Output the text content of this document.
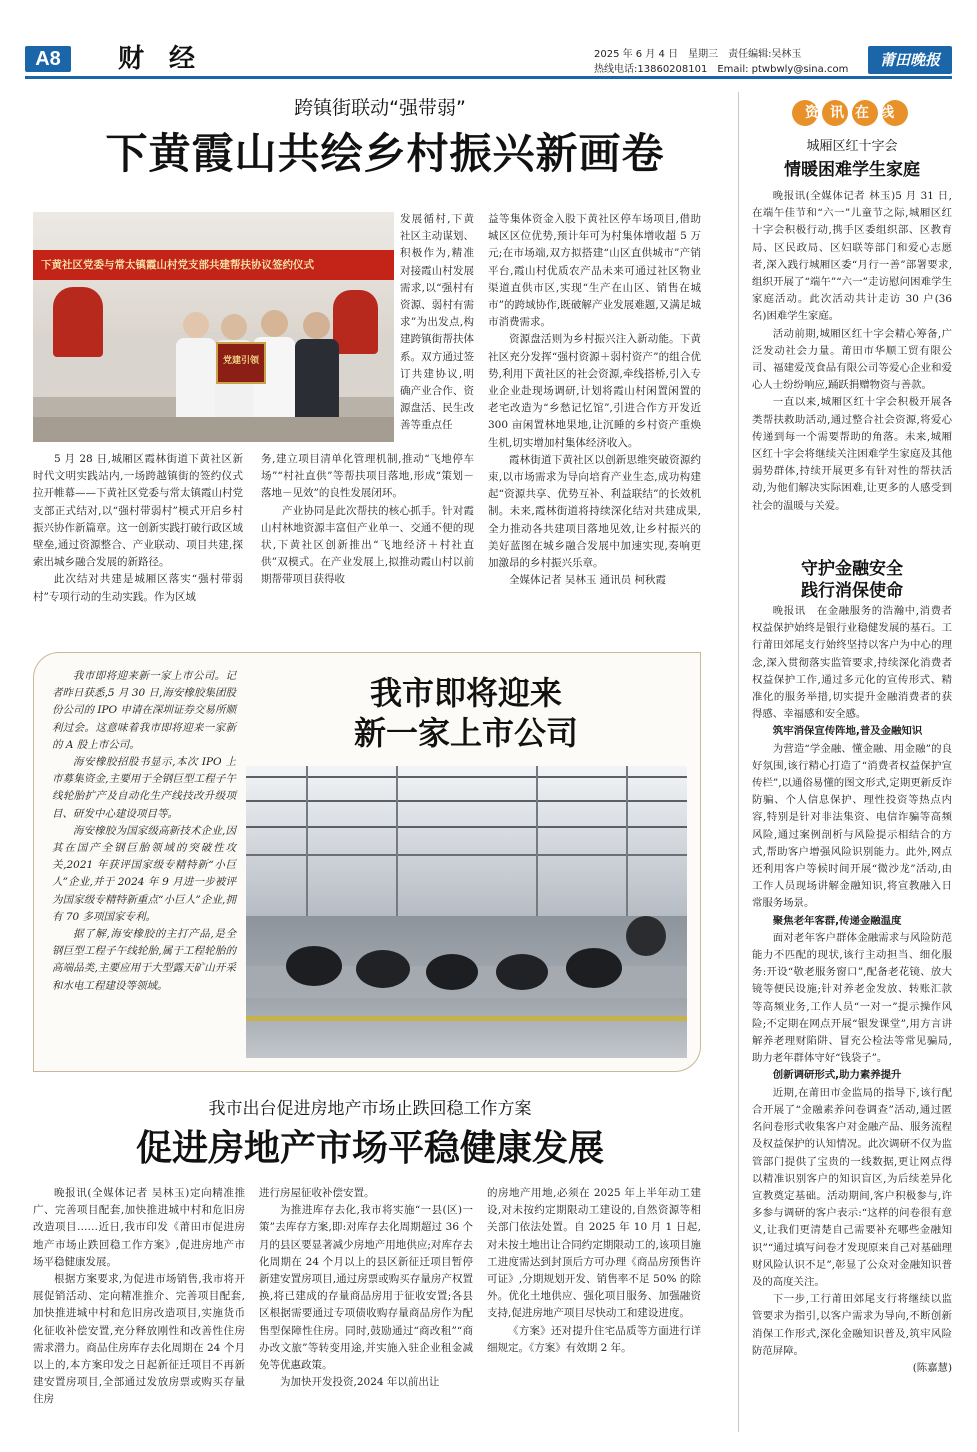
A8	财 经	2025 年 6 月 4 日　星期三　责任编辑:吴林玉
热线电话:13860208101　Email: ptwbwly@sina.com
莆田晚报
跨镇街联动“强带弱”
下黄霞山共绘乡村振兴新画卷
下黄社区党委与常太镇霞山村党支部共建帮扶协议签约仪式
党建引领
发展循村,下黄社区主动谋划、积极作为,精准对接霞山村发展需求,以“强村有资源、弱村有需求”为出发点,构建跨镇街帮扶体系。双方通过签订共建协议,明确产业合作、资源盘活、民生改善等重点任
5 月 28 日,城厢区霞林街道下黄社区新时代文明实践站内,一场跨越镇街的签约仪式拉开帷幕——下黄社区党委与常太镇霞山村党支部正式结对,以“强村带弱村”模式开启乡村振兴协作新篇章。这一创新实践打破行政区域壁垒,通过资源整合、产业联动、项目共建,探索出城乡融合发展的新路径。
此次结对共建是城厢区落实“强村带弱村”专项行动的生动实践。作为区域
务,建立项目清单化管理机制,推动“飞地停车场”“村社直供”等帮扶项目落地,形成“策划－落地－见效”的良性发展闭环。
产业协同是此次帮扶的核心抓手。针对霞山村林地资源丰富但产业单一、交通不便的现状,下黄社区创新推出“飞地经济＋村社直供”双模式。在产业发展上,拟推动霞山村以前期帮带项目获得收
益等集体资金入股下黄社区停车场项目,借助城区区位优势,预计年可为村集体增收超 5 万元;在市场端,双方拟搭建“山区直供城市”产销平台,霞山村优质农产品未来可通过社区物业渠道直供市区,实现“生产在山区、销售在城市”的跨域协作,既破解产业发展难题,又满足城市消费需求。
资源盘活则为乡村振兴注入新动能。下黄社区充分发挥“强村资源＋弱村资产”的组合优势,利用下黄社区的社会资源,牵线搭桥,引入专业企业赴现场调研,计划将霞山村闲置闲置的老宅改造为“乡愁记忆馆”,引进合作方开发近 300 亩闲置林地果地,让沉睡的乡村资产重焕生机,切实增加村集体经济收入。
霞林街道下黄社区以创新思维突破资源约束,以市场需求为导向培育产业生态,成功构建起“资源共享、优势互补、利益联结”的长效机制。未来,霞林街道将持续深化结对共建成果,全力推动各共建项目落地见效,让乡村振兴的美好蓝图在城乡融合发展中加速实现,奏响更加激昂的乡村振兴乐章。
全媒体记者 吴林玉 通讯员 柯秋霞
我市即将迎来新一家上市公司。记者昨日获悉,5 月 30 日,海安橡胶集团股份公司的 IPO 申请在深圳证券交易所顺利过会。这意味着我市即将迎来一家新的 A 股上市公司。
海安橡胶招股书显示,本次 IPO 上市募集资金,主要用于全钢巨型工程子午线轮胎扩产及自动化生产线技改升级项目、研发中心建设项目等。
海安橡胶为国家级高新技术企业,因其在国产全钢巨胎领域的突破性攻关,2021 年获评国家级专精特新“小巨人”企业,并于 2024 年 9 月进一步被评为国家级专精特新重点“小巨人”企业,拥有 70 多项国家专利。
据了解,海安橡胶的主打产品,是全钢巨型工程子午线轮胎,属于工程轮胎的高端品类,主要应用于大型露天矿山开采和水电工程建设等领域。
我市即将迎来
新一家上市公司
我市出台促进房地产市场止跌回稳工作方案
促进房地产市场平稳健康发展
晚报讯(全媒体记者 吴林玉)定向精准推广、完善项目配套,加快推进城中村和危旧房改造项目……近日,我市印发《莆田市促进房地产市场止跌回稳工作方案》,促进房地产市场平稳健康发展。
根据方案要求,为促进市场销售,我市将开展促销活动、定向精准推介、完善项目配套,加快推进城中村和危旧房改造项目,实施货币化征收补偿安置,充分释放刚性和改善性住房需求潜力。商品住房库存去化周期在 24 个月以上的,本方案印发之日起新征迁项目不再新建安置房项目,全部通过发放房票或购买存量住房
进行房屋征收补偿安置。
为推进库存去化,我市将实施“一县(区)一策”去库存方案,即:对库存去化周期超过 36 个月的县区要显著减少房地产用地供应;对库存去化周期在 24 个月以上的县区新征迁项目暂停新建安置房项目,通过房票或购买存量房产权置换,将已建成的存量商品房用于征收安置;各县区根据需要通过专项债收购存量商品房作为配售型保障性住房。同时,鼓励通过“商改租”“商办改文旅”等转变用途,并实施入驻企业租金减免等优惠政策。
为加快开发投资,2024 年以前出让
的房地产用地,必须在 2025 年上半年动工建设,对未按约定期限动工建设的,自然资源等相关部门依法处置。自 2025 年 10 月 1 日起,对未按土地出让合同约定期限动工的,该项目施工进度需达到封顶后方可办理《商品房预售许可证》,分期规划开发、销售率不足 50% 的除外。优化土地供应、强化项目服务、加强融资支持,促进房地产项目尽快动工和建设进度。
《方案》还对提升住宅品质等方面进行详细规定。《方案》有效期 2 年。
资讯在线
城厢区红十字会
情暖困难学生家庭
晚报讯(全媒体记者 林玉)5 月 31 日,在端午佳节和“六一”儿童节之际,城厢区红十字会积极行动,携手区委组织部、区教育局、区民政局、区妇联等部门和爱心志愿者,深入践行城厢区委“月行一善”部署要求,组织开展了“端午”“六一”走访慰问困难学生家庭活动。此次活动共计走访 30 户(36 名)困难学生家庭。
活动前期,城厢区红十字会精心筹备,广泛发动社会力量。莆田市华顺工贸有限公司、福建爱茂食品有限公司等爱心企业和爱心人士纷纷响应,踊跃捐赠物资与善款。
一直以来,城厢区红十字会积极开展各类帮扶救助活动,通过整合社会资源,将爱心传递到每一个需要帮助的角落。未来,城厢区红十字会将继续关注困难学生家庭及其他弱势群体,持续开展更多有针对性的帮扶活动,为他们解决实际困难,让更多的人感受到社会的温暖与关爱。
守护金融安全
践行消保使命
晚报讯　在金融服务的浩瀚中,消费者权益保护始终是银行业稳健发展的基石。工行莆田郊尾支行始终坚持以客户为中心的理念,深入贯彻落实监管要求,持续深化消费者权益保护工作,通过多元化的宣传形式、精准化的服务举措,切实提升金融消费者的获得感、幸福感和安全感。
筑牢消保宣传阵地,普及金融知识
为营造“学金融、懂金融、用金融”的良好氛围,该行精心打造了“消费者权益保护宣传栏”,以通俗易懂的图文形式,定期更新反诈防骗、个人信息保护、理性投资等热点内容,特别是针对非法集资、电信诈骗等高频风险,通过案例剖析与风险提示相结合的方式,帮助客户增强风险识别能力。此外,网点还利用客户等候时间开展“微沙龙”活动,由工作人员现场讲解金融知识,将宣教融入日常服务场景。
聚焦老年客群,传递金融温度
面对老年客户群体金融需求与风险防范能力不匹配的现状,该行主动担当、细化服务:开设“敬老服务窗口”,配备老花镜、放大镜等便民设施;针对养老金发放、转账汇款等高频业务,工作人员“一对一”提示操作风险;不定期在网点开展“银发课堂”,用方言讲解养老理财陷阱、冒充公检法等常见骗局,助力老年群体守好“钱袋子”。
创新调研形式,助力素养提升
近期,在莆田市金监局的指导下,该行配合开展了“金融素养问卷调查”活动,通过匿名问卷形式收集客户对金融产品、服务流程及权益保护的认知情况。此次调研不仅为监管部门提供了宝贵的一线数据,更让网点得以精准识别客户的知识盲区,为后续差异化宣教奠定基础。活动期间,客户积极参与,许多参与调研的客户表示:“这样的问卷很有意义,让我们更清楚自己需要补充哪些金融知识”“通过填写问卷才发现原来自己对基础理财风险认识不足”,彰显了公众对金融知识普及的高度关注。
下一步,工行莆田郊尾支行将继续以监管要求为指引,以客户需求为导向,不断创新消保工作形式,深化金融知识普及,筑牢风险防范屏障。
(陈嘉慧)
